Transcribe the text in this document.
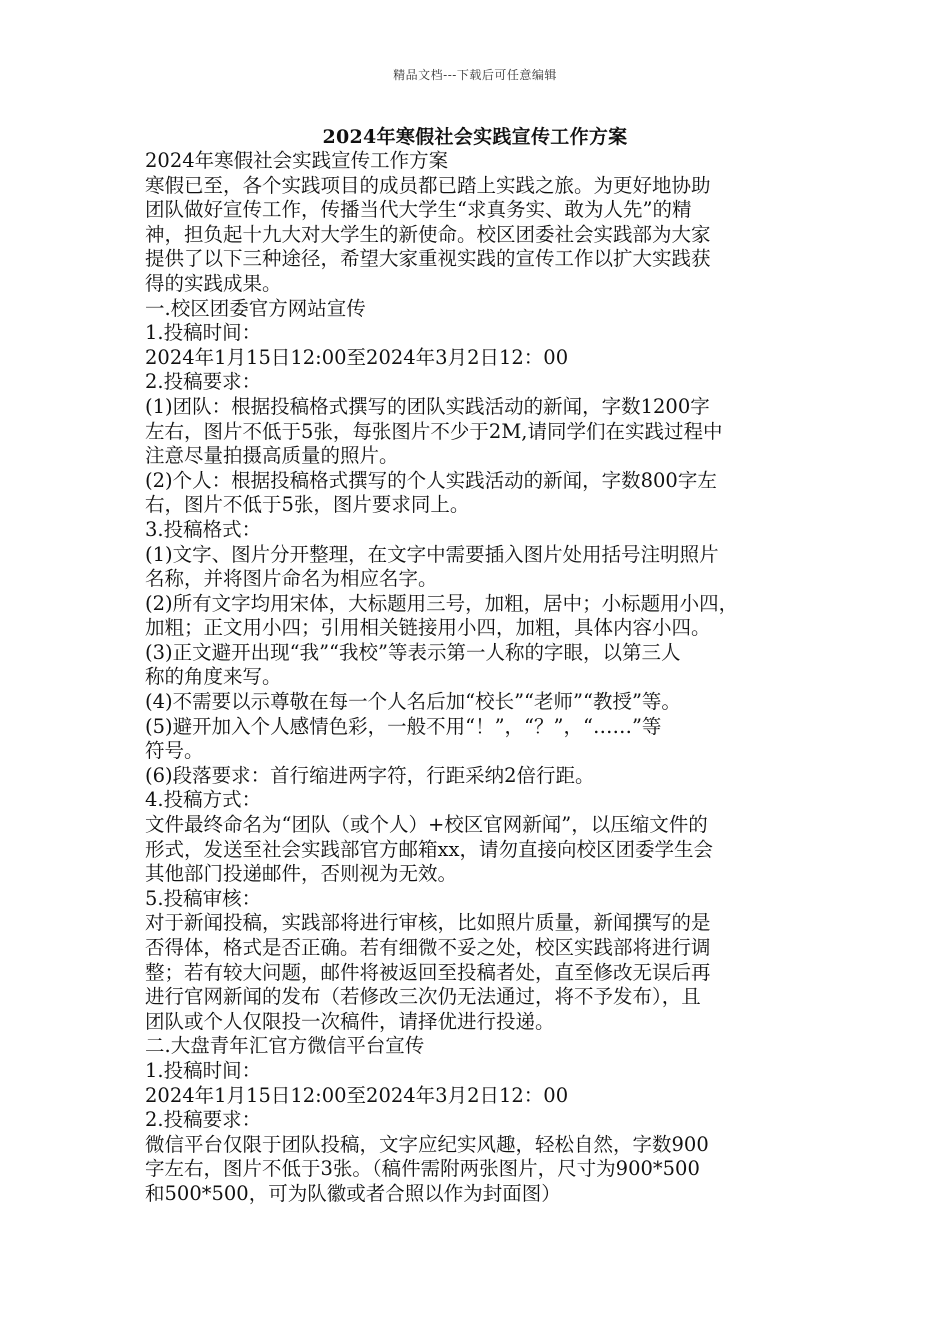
精品文档---下载后可任意编辑
2024年寒假社会实践宣传工作方案
2024年寒假社会实践宣传工作方案
寒假已至，各个实践项目的成员都已踏上实践之旅。为更好地协助
团队做好宣传工作，传播当代大学生“求真务实、敢为人先”的精
神，担负起十九大对大学生的新使命。校区团委社会实践部为大家
提供了以下三种途径，希望大家重视实践的宣传工作以扩大实践获
得的实践成果。
一.校区团委官方网站宣传
1.投稿时间：
2024年1月15日12:00至2024年3月2日12：00
2.投稿要求：
(1)团队：根据投稿格式撰写的团队实践活动的新闻，字数1200字
左右，图片不低于5张，每张图片不少于2M,请同学们在实践过程中
注意尽量拍摄高质量的照片。
(2)个人：根据投稿格式撰写的个人实践活动的新闻，字数800字左
右，图片不低于5张，图片要求同上。
3.投稿格式：
(1)文字、图片分开整理，在文字中需要插入图片处用括号注明照片
名称，并将图片命名为相应名字。
(2)所有文字均用宋体，大标题用三号，加粗，居中；小标题用小四，
加粗；正文用小四；引用相关链接用小四，加粗，具体内容小四。
(3)正文避开出现“我”“我校”等表示第一人称的字眼，以第三人
称的角度来写。
(4)不需要以示尊敬在每一个人名后加“校长”“老师”“教授”等。
(5)避开加入个人感情色彩，一般不用“！”，“？”，“……”等
符号。
(6)段落要求：首行缩进两字符，行距采纳2倍行距。
4.投稿方式：
文件最终命名为“团队（或个人）+校区官网新闻”，以压缩文件的
形式，发送至社会实践部官方邮箱xx，请勿直接向校区团委学生会
其他部门投递邮件，否则视为无效。
5.投稿审核：
对于新闻投稿，实践部将进行审核，比如照片质量，新闻撰写的是
否得体，格式是否正确。若有细微不妥之处，校区实践部将进行调
整；若有较大问题，邮件将被返回至投稿者处，直至修改无误后再
进行官网新闻的发布（若修改三次仍无法通过，将不予发布），且
团队或个人仅限投一次稿件，请择优进行投递。
二.大盘青年汇官方微信平台宣传
1.投稿时间：
2024年1月15日12:00至2024年3月2日12：00
2.投稿要求：
微信平台仅限于团队投稿，文字应纪实风趣，轻松自然，字数900
字左右，图片不低于3张。（稿件需附两张图片，尺寸为900*500
和500*500，可为队徽或者合照以作为封面图）
